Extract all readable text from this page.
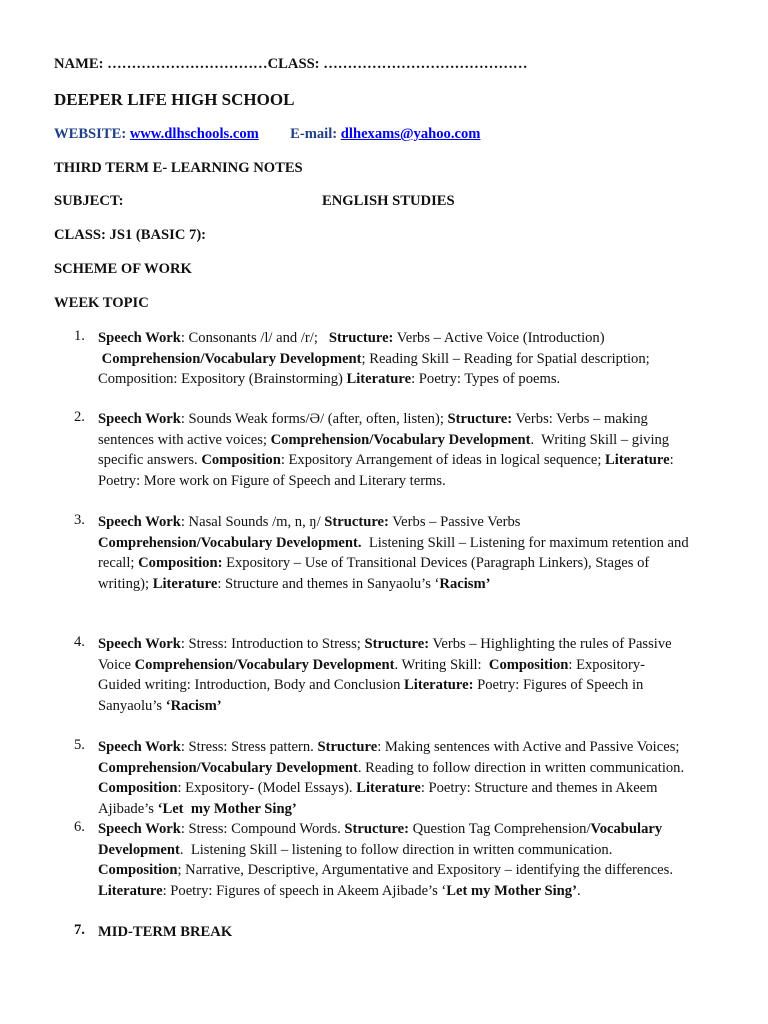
NAME: ……………………………CLASS: ……………………………………
DEEPER LIFE HIGH SCHOOL
WEBSITE: www.dlhschools.com E-mail: dlhexams@yahoo.com
THIRD TERM E- LEARNING NOTES
SUBJECT:	ENGLISH STUDIES
CLASS: JS1 (BASIC 7):
SCHEME OF WORK
WEEK TOPIC
1. Speech Work: Consonants /l/ and /r/;   Structure: Verbs – Active Voice (Introduction)
Comprehension/Vocabulary Development; Reading Skill – Reading for Spatial description;
Composition: Expository (Brainstorming) Literature: Poetry: Types of poems.
2. Speech Work: Sounds Weak forms/Ə/ (after, often, listen); Structure: Verbs: Verbs – making
sentences with active voices; Comprehension/Vocabulary Development.  Writing Skill – giving
specific answers. Composition: Expository Arrangement of ideas in logical sequence; Literature:
Poetry: More work on Figure of Speech and Literary terms.
3. Speech Work: Nasal Sounds /m, n, ŋ/ Structure: Verbs – Passive Verbs
Comprehension/Vocabulary Development.  Listening Skill – Listening for maximum retention and
recall; Composition: Expository – Use of Transitional Devices (Paragraph Linkers), Stages of
writing); Literature: Structure and themes in Sanyaolu’s ‘Racism’
4. Speech Work: Stress: Introduction to Stress; Structure: Verbs – Highlighting the rules of Passive
Voice Comprehension/Vocabulary Development. Writing Skill:  Composition: Expository-
Guided writing: Introduction, Body and Conclusion Literature: Poetry: Figures of Speech in
Sanyaolu’s ‘Racism’
5. Speech Work: Stress: Stress pattern. Structure: Making sentences with Active and Passive Voices;
Comprehension/Vocabulary Development. Reading to follow direction in written communication.
Composition: Expository- (Model Essays). Literature: Poetry: Structure and themes in Akeem
Ajibade’s ‘Let  my Mother Sing’
6. Speech Work: Stress: Compound Words. Structure: Question Tag Comprehension/Vocabulary
Development.  Listening Skill – listening to follow direction in written communication.
Composition; Narrative, Descriptive, Argumentative and Expository – identifying the differences.
Literature: Poetry: Figures of speech in Akeem Ajibade’s ‘Let my Mother Sing’.
7. MID-TERM BREAK
